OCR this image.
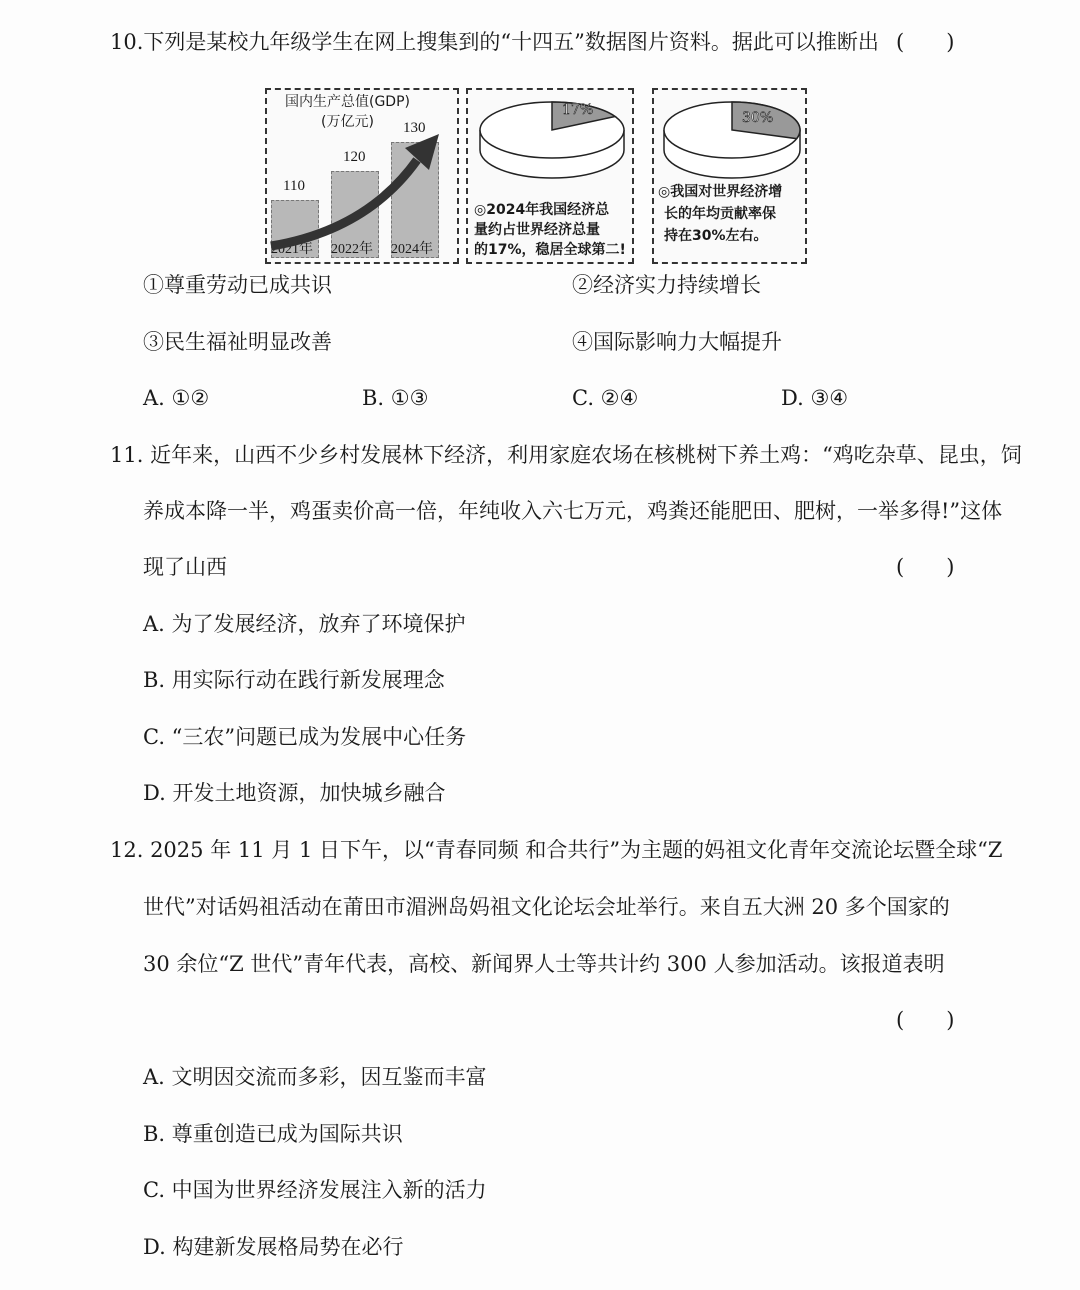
10.下列是某校九年级学生在网上搜集到的“十四五”数据图片资料。据此可以推断出 (　　)
国内生产总值(GDP)
(万亿元)
110
2021年
120
2022年
130
2024年
17%
◎2024年我国经济总
量约占世界经济总量
的17%，稳居全球第二!
30%
◎我国对世界经济增
长的年均贡献率保
持在30%左右。
①尊重劳动已成共识	②经济实力持续增长
③民生福祉明显改善	④国际影响力大幅提升
A. ①②	B. ①③	C. ②④	D. ③④
11. 近年来，山西不少乡村发展林下经济，利用家庭农场在核桃树下养土鸡：“鸡吃杂草、昆虫，饲
养成本降一半，鸡蛋卖价高一倍，年纯收入六七万元，鸡粪还能肥田、肥树，一举多得!”这体
现了山西	(　　)
A. 为了发展经济，放弃了环境保护
B. 用实际行动在践行新发展理念
C. “三农”问题已成为发展中心任务
D. 开发土地资源，加快城乡融合
12. 2025 年 11 月 1 日下午，以“青春同频 和合共行”为主题的妈祖文化青年交流论坛暨全球“Z
世代”对话妈祖活动在莆田市湄洲岛妈祖文化论坛会址举行。来自五大洲 20 多个国家的
30 余位“Z 世代”青年代表，高校、新闻界人士等共计约 300 人参加活动。该报道表明
(　　)
A. 文明因交流而多彩，因互鉴而丰富
B. 尊重创造已成为国际共识
C. 中国为世界经济发展注入新的活力
D. 构建新发展格局势在必行
